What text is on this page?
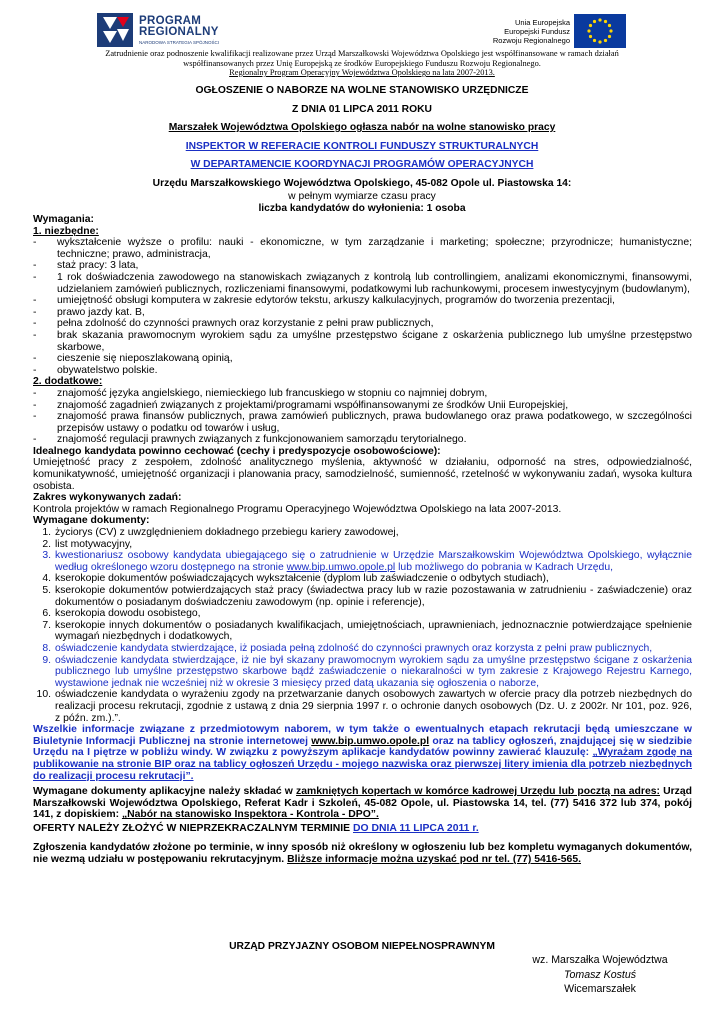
PROGRAM
REGIONALNY
NARODOWA STRATEGIA SPÓJNOŚCI
Unia Europejska
Europejski Fundusz
Rozwoju Regionalnego
Zatrudnienie oraz podnoszenie kwalifikacji realizowane przez Urząd Marszałkowski Województwa Opolskiego jest współfinansowane w ramach działań
współfinansowanych przez Unię Europejską ze środków Europejskiego Funduszu Rozwoju Regionalnego.
Regionalny Program Operacyjny Województwa Opolskiego na lata 2007-2013.
OGŁOSZENIE O NABORZE NA WOLNE STANOWISKO URZĘDNICZE
Z DNIA 01 LIPCA 2011 ROKU
Marszałek Województwa Opolskiego ogłasza nabór na wolne stanowisko pracy
INSPEKTOR W REFERACIE KONTROLI FUNDUSZY STRUKTURALNYCH
W DEPARTAMENCIE KOORDYNACJI PROGRAMÓW OPERACYJNYCH
Urzędu Marszałkowskiego Województwa Opolskiego, 45-082 Opole ul. Piastowska 14:
w pełnym wymiarze czasu pracy
liczba kandydatów do wyłonienia: 1 osoba
Wymagania:
1. niezbędne:
-	wykształcenie wyższe o profilu: nauki - ekonomiczne, w tym zarządzanie i marketing; społeczne; przyrodnicze; humanistyczne; techniczne; prawo, administracja,
-	staż pracy: 3 lata,
-	1 rok doświadczenia zawodowego na stanowiskach związanych z kontrolą lub controllingiem, analizami ekonomicznymi, finansowymi, udzielaniem zamówień publicznych, rozliczeniami finansowymi, podatkowymi lub rachunkowymi, procesem inwestycyjnym (budowlanym),
-	umiejętność obsługi komputera w zakresie edytorów tekstu, arkuszy kalkulacyjnych, programów do tworzenia prezentacji,
-	prawo jazdy kat. B,
-	pełna zdolność do czynności prawnych oraz korzystanie z pełni praw publicznych,
-	brak skazania prawomocnym wyrokiem sądu za umyślne przestępstwo ścigane z oskarżenia publicznego lub umyślne przestępstwo skarbowe,
-	cieszenie się nieposzlakowaną opinią,
-	obywatelstwo polskie.
2. dodatkowe:
-	znajomość języka angielskiego, niemieckiego lub francuskiego w stopniu co najmniej dobrym,
-	znajomość zagadnień związanych z projektami/programami współfinansowanymi ze środków Unii Europejskiej,
-	znajomość prawa finansów publicznych, prawa zamówień publicznych, prawa budowlanego oraz prawa podatkowego, w szczególności przepisów ustawy o podatku od towarów i usług,
-	znajomość regulacji prawnych związanych z funkcjonowaniem samorządu terytorialnego.
Idealnego kandydata powinno cechować (cechy i predyspozycje osobowościowe):
Umiejętność pracy z zespołem, zdolność analitycznego myślenia, aktywność w działaniu, odporność na stres, odpowiedzialność, komunikatywność, umiejętność organizacji i planowania pracy, samodzielność, sumienność, rzetelność w wykonywaniu zadań, wysoka kultura osobista.
Zakres wykonywanych zadań:
Kontrola projektów w ramach Regionalnego Programu Operacyjnego Województwa Opolskiego na lata 2007-2013.
Wymagane dokumenty:
1. życiorys (CV) z uwzględnieniem dokładnego przebiegu kariery zawodowej,
2. list motywacyjny,
3. kwestionariusz osobowy kandydata ubiegającego się o zatrudnienie w Urzędzie Marszałkowskim Województwa Opolskiego, wyłącznie według określonego wzoru dostępnego na stronie www.bip.umwo.opole.pl lub możliwego do pobrania w Kadrach Urzędu,
4. kserokopie dokumentów poświadczających wykształcenie (dyplom lub zaświadczenie o odbytych studiach),
5. kserokopie dokumentów potwierdzających staż pracy (świadectwa pracy lub w razie pozostawania w zatrudnieniu - zaświadczenie) oraz dokumentów o posiadanym doświadczeniu zawodowym (np. opinie i referencje),
6. kserokopia dowodu osobistego,
7. kserokopie innych dokumentów o posiadanych kwalifikacjach, umiejętnościach, uprawnieniach, jednoznacznie potwierdzające spełnienie wymagań niezbędnych i dodatkowych,
8. oświadczenie kandydata stwierdzające, iż posiada pełną zdolność do czynności prawnych oraz korzysta z pełni praw publicznych,
9. oświadczenie kandydata stwierdzające, iż nie był skazany prawomocnym wyrokiem sądu za umyślne przestępstwo ścigane z oskarżenia publicznego lub umyślne przestępstwo skarbowe bądź zaświadczenie o niekaralności w tym zakresie z Krajowego Rejestru Karnego, wystawione jednak nie wcześniej niż w okresie 3 miesięcy przed datą ukazania się ogłoszenia o naborze,
10. oświadczenie kandydata o wyrażeniu zgody na przetwarzanie danych osobowych zawartych w ofercie pracy dla potrzeb niezbędnych do realizacji procesu rekrutacji, zgodnie z ustawą z dnia 29 sierpnia 1997 r. o ochronie danych osobowych (Dz. U. z 2002r. Nr 101, poz. 926, z późn. zm.).”.
Wszelkie informacje związane z przedmiotowym naborem, w tym także o ewentualnych etapach rekrutacji będą umieszczane w Biuletynie Informacji Publicznej na stronie internetowej www.bip.umwo.opole.pl oraz na tablicy ogłoszeń, znajdującej się w siedzibie Urzędu na I piętrze w pobliżu windy. W związku z powyższym aplikacje kandydatów powinny zawierać klauzulę: „Wyrażam zgodę na publikowanie na stronie BIP oraz na tablicy ogłoszeń Urzędu - mojego nazwiska oraz pierwszej litery imienia dla potrzeb niezbędnych do realizacji procesu rekrutacji”.
Wymagane dokumenty aplikacyjne należy składać w zamkniętych kopertach w komórce kadrowej Urzędu lub pocztą na adres: Urząd Marszałkowski Województwa Opolskiego, Referat Kadr i Szkoleń, 45-082 Opole, ul. Piastowska 14, tel. (77) 5416 372 lub 374, pokój 141, z dopiskiem: „Nabór na stanowisko Inspektora - Kontrola - DPO”.
OFERTY NALEŻY ZŁOŻYĆ W NIEPRZEKRACZALNYM TERMINIE DO DNIA 11 LIPCA 2011 r.
Zgłoszenia kandydatów złożone po terminie, w inny sposób niż określony w ogłoszeniu lub bez kompletu wymaganych dokumentów, nie wezmą udziału w postępowaniu rekrutacyjnym. Bliższe informacje można uzyskać pod nr tel. (77) 5416-565.
URZĄD PRZYJAZNY OSOBOM NIEPEŁNOSPRAWNYM
wz. Marszałka Województwa
Tomasz Kostuś
Wicemarszałek
